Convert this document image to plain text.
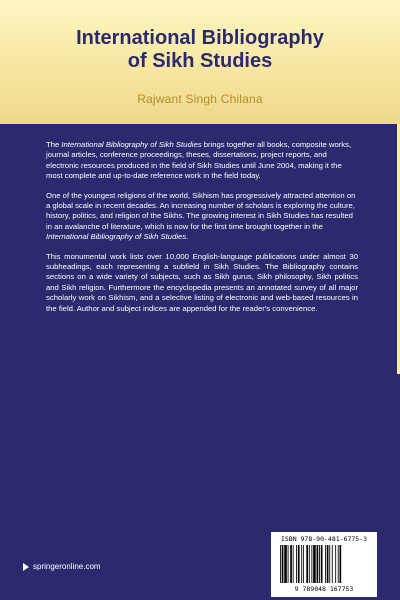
International Bibliography
of Sikh Studies

Rajwant Singh Chilana

The International Bibliography of Sikh Studies brings together all books, composite works, journal articles, conference proceedings, theses, dissertations, project reports, and electronic resources produced in the field of Sikh Studies until June 2004, making it the most complete and up-to-date reference work in the field today.

One of the youngest religions of the world, Sikhism has progressively attracted attention on a global scale in recent decades. An increasing number of scholars is exploring the culture, history, politics, and religion of the Sikhs. The growing interest in Sikh Studies has resulted in an avalanche of literature, which is now for the first time brought together in the International Bibliography of Sikh Studies.

This monumental work lists over 10,000 English-language publications under almost 30 subheadings, each representing a subfield in Sikh Studies. The Bibliography contains sections on a wide variety of subjects, such as Sikh gurus, Sikh philosophy, Sikh politics and Sikh religion. Furthermore the encyclopedia presents an annotated survey of all major scholarly work on Sikhism, and a selective listing of electronic and web-based resources in the field. Author and subject indices are appended for the reader's convenience.

ISBN 978-90-481-6775-3
9 789048 167753
springeronline.com
